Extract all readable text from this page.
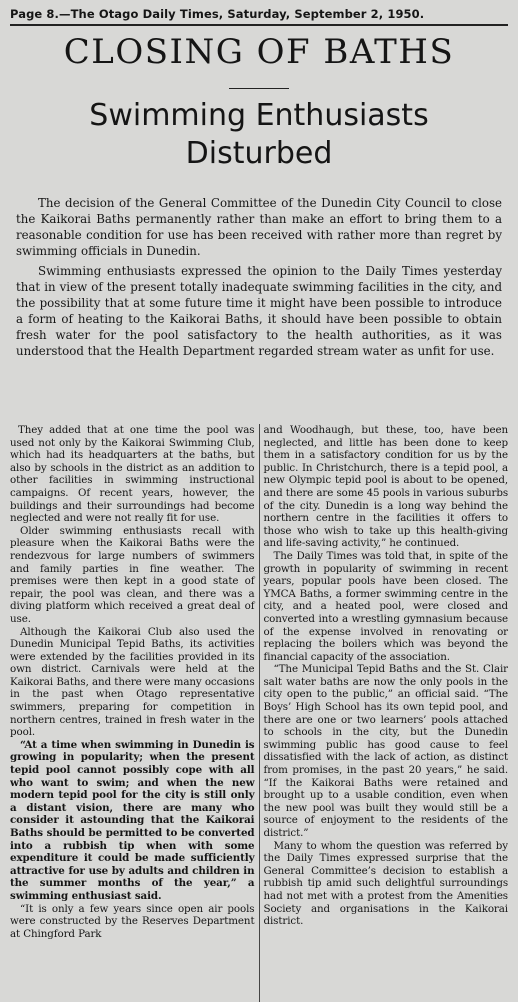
Page 8.—The Otago Daily Times, Saturday, September 2, 1950.
CLOSING OF BATHS
Swimming Enthusiasts
Disturbed

The decision of the General Committee of the Dunedin City Council to close the Kaikorai Baths permanently rather than make an effort to bring them to a reasonable condition for use has been received with rather more than regret by swimming officials in Dunedin.

Swimming enthusiasts expressed the opinion to the Daily Times yesterday that in view of the present totally inadequate swimming facilities in the city, and the possibility that at some future time it might have been possible to introduce a form of heating to the Kaikorai Baths, it should have been possible to obtain fresh water for the pool satisfactory to the health authorities, as it was understood that the Health Department regarded stream water as unfit for use.

They added that at one time the pool was used not only by the Kaikorai Swimming Club, which had its headquarters at the baths, but also by schools in the district as an addition to other facilities in swimming instructional campaigns. Of recent years, however, the buildings and their surroundings had become neglected and were not really fit for use.

Older swimming enthusiasts recall with pleasure when the Kaikorai Baths were the rendezvous for large numbers of swimmers and family parties in fine weather. The premises were then kept in a good state of repair, the pool was clean, and there was a diving platform which received a great deal of use.

Although the Kaikorai Club also used the Dunedin Municipal Tepid Baths, its activities were extended by the facilities provided in its own district. Carnivals were held at the Kaikorai Baths, and there were many occasions in the past when Otago representative swimmers, preparing for competition in northern centres, trained in fresh water in the pool.

“At a time when swimming in Dunedin is growing in popularity; when the present tepid pool cannot possibly cope with all who want to swim; and when the new modern tepid pool for the city is still only a distant vision, there are many who consider it astounding that the Kaikorai Baths should be permitted to be converted into a rubbish tip when with some expenditure it could be made sufficiently attractive for use by adults and children in the summer months of the year,” a swimming enthusiast said.

“It is only a few years since open air pools were constructed by the Reserves Department at Chingford Park

and Woodhaugh, but these, too, have been neglected, and little has been done to keep them in a satisfactory condition for us by the public. In Christchurch, there is a tepid pool, a new Olympic tepid pool is about to be opened, and there are some 45 pools in various suburbs of the city. Dunedin is a long way behind the northern centre in the facilities it offers to those who wish to take up this health-giving and life-saving activity,” he continued.

The Daily Times was told that, in spite of the growth in popularity of swimming in recent years, popular pools have been closed. The YMCA Baths, a former swimming centre in the city, and a heated pool, were closed and converted into a wrestling gymnasium because of the expense involved in renovating or replacing the boilers which was beyond the financial capacity of the association.

“The Municipal Tepid Baths and the St. Clair salt water baths are now the only pools in the city open to the public,” an official said. “The Boys’ High School has its own tepid pool, and there are one or two learners’ pools attached to schools in the city, but the Dunedin swimming public has good cause to feel dissatisfied with the lack of action, as distinct from promises, in the past 20 years,” he said. “If the Kaikorai Baths were retained and brought up to a usable condition, even when the new pool was built they would still be a source of enjoyment to the residents of the district.”

Many to whom the question was referred by the Daily Times expressed surprise that the General Committee’s decision to establish a rubbish tip amid such delightful surroundings had not met with a protest from the Amenities Society and organisations in the Kaikorai district.
